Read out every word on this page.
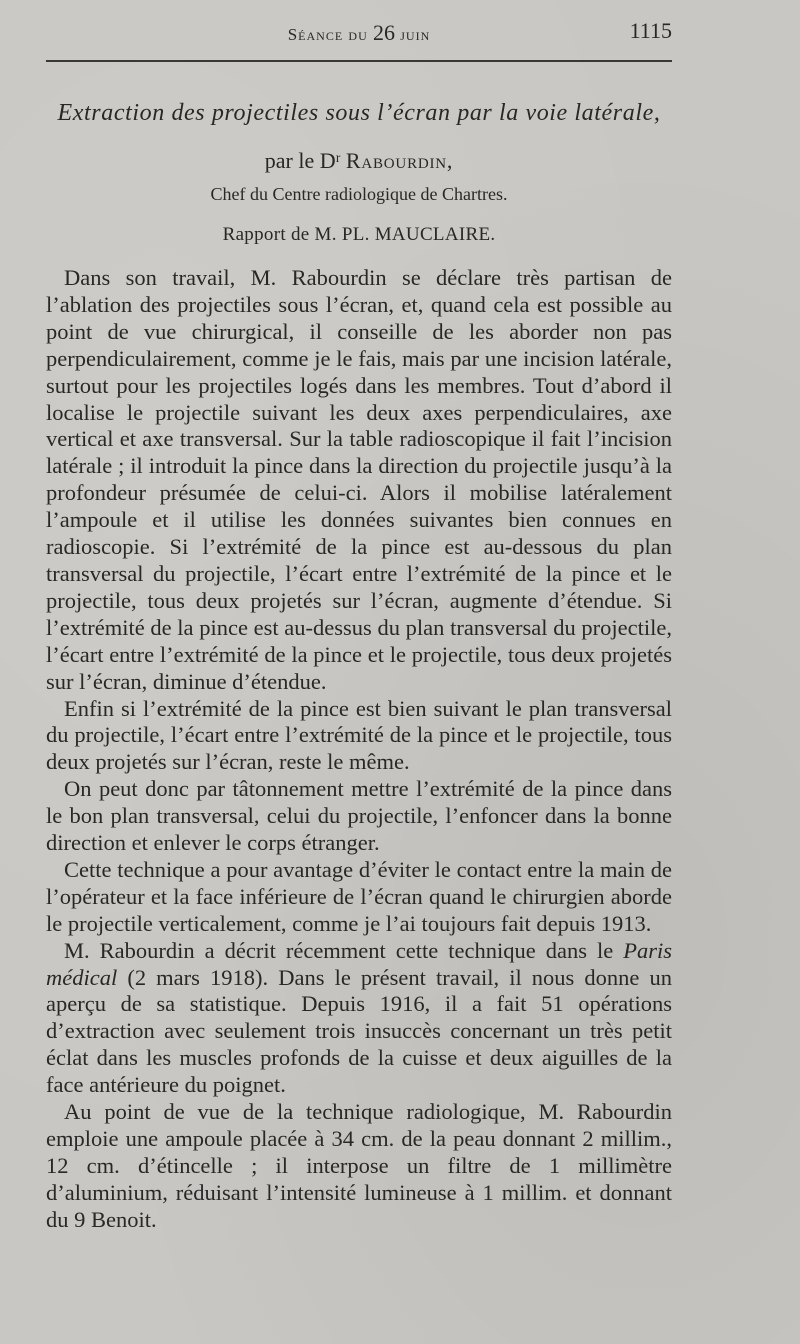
Séance du 26 juin	1115
Extraction des projectiles sous l’écran par la voie latérale,
par le Dʳ Rabourdin,
Chef du Centre radiologique de Chartres.
Rapport de M. PL. MAUCLAIRE.

Dans son travail, M. Rabourdin se déclare très partisan de l’ablation des projectiles sous l’écran, et, quand cela est possible au point de vue chirurgical, il conseille de les aborder non pas perpendiculairement, comme je le fais, mais par une incision latérale, surtout pour les projectiles logés dans les membres. Tout d’abord il localise le projectile suivant les deux axes perpendiculaires, axe vertical et axe transversal. Sur la table radioscopique il fait l’incision latérale ; il introduit la pince dans la direction du projectile jusqu’à la profondeur présumée de celui-ci. Alors il mobilise latéralement l’ampoule et il utilise les données suivantes bien connues en radioscopie. Si l’extrémité de la pince est au-dessous du plan transversal du projectile, l’écart entre l’extrémité de la pince et le projectile, tous deux projetés sur l’écran, augmente d’étendue. Si l’extrémité de la pince est au-dessus du plan transversal du projectile, l’écart entre l’extrémité de la pince et le projectile, tous deux projetés sur l’écran, diminue d’étendue.

Enfin si l’extrémité de la pince est bien suivant le plan transversal du projectile, l’écart entre l’extrémité de la pince et le projectile, tous deux projetés sur l’écran, reste le même.

On peut donc par tâtonnement mettre l’extrémité de la pince dans le bon plan transversal, celui du projectile, l’enfoncer dans la bonne direction et enlever le corps étranger.

Cette technique a pour avantage d’éviter le contact entre la main de l’opérateur et la face inférieure de l’écran quand le chirurgien aborde le projectile verticalement, comme je l’ai toujours fait depuis 1913.

M. Rabourdin a décrit récemment cette technique dans le Paris médical (2 mars 1918). Dans le présent travail, il nous donne un aperçu de sa statistique. Depuis 1916, il a fait 51 opérations d’extraction avec seulement trois insuccès concernant un très petit éclat dans les muscles profonds de la cuisse et deux aiguilles de la face antérieure du poignet.

Au point de vue de la technique radiologique, M. Rabourdin emploie une ampoule placée à 34 cm. de la peau donnant 2 millim., 12 cm. d’étincelle ; il interpose un filtre de 1 millimètre d’aluminium, réduisant l’intensité lumineuse à 1 millim. et donnant du 9 Benoit.
